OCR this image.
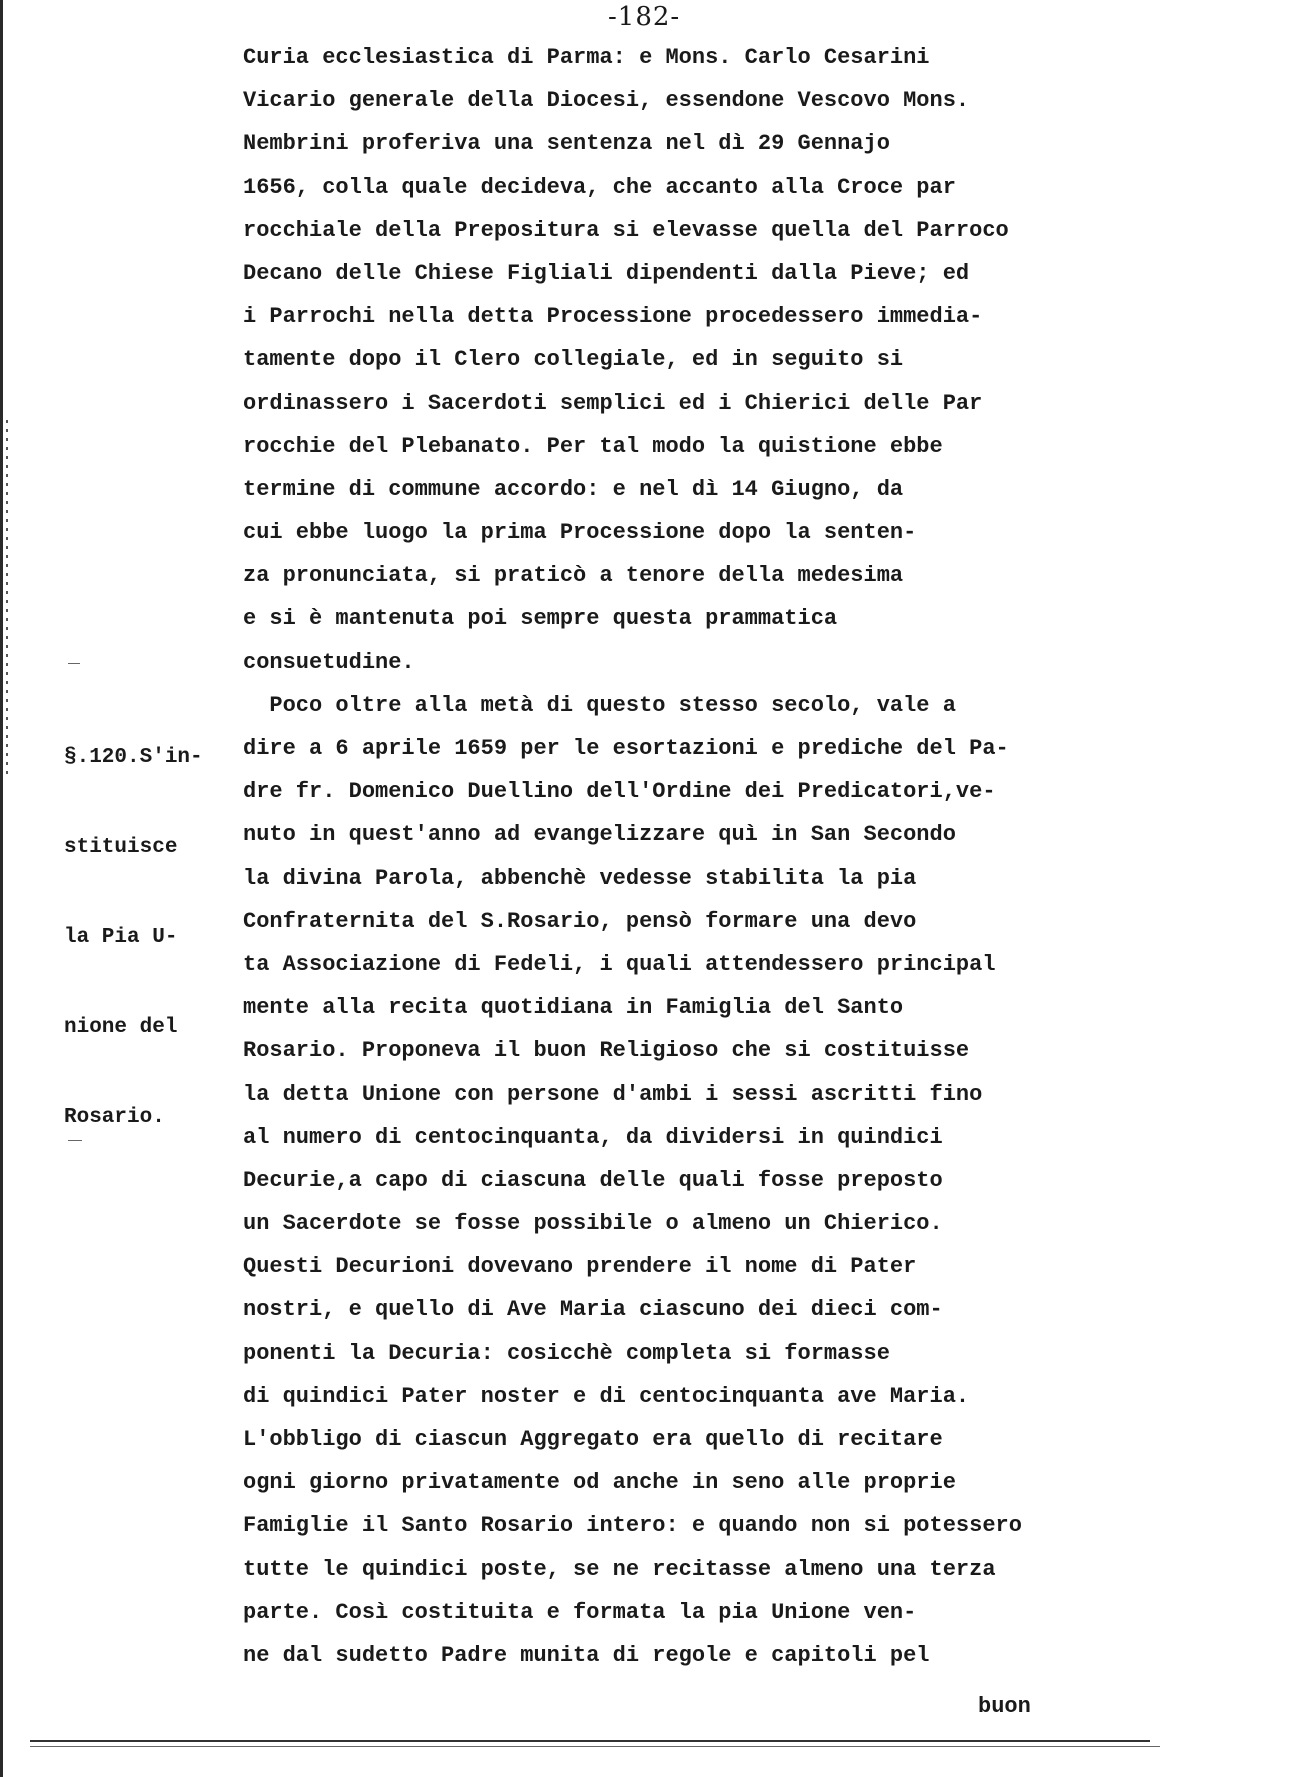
-182-

§.120.S'in-

stituisce

la Pia U-

nione del

Rosario.

Curia ecclesiastica di Parma: e Mons. Carlo Cesarini
Vicario generale della Diocesi, essendone Vescovo Mons.
Nembrini proferiva una sentenza nel dì 29 Gennajo
1656, colla quale decideva, che accanto alla Croce par
rocchiale della Prepositura si elevasse quella del Parroco
Decano delle Chiese Figliali dipendenti dalla Pieve; ed
i Parrochi nella detta Processione procedessero immedia-
tamente dopo il Clero collegiale, ed in seguito si
ordinassero i Sacerdoti semplici ed i Chierici delle Par
rocchie del Plebanato. Per tal modo la quistione ebbe
termine di commune accordo: e nel dì 14 Giugno, da
cui ebbe luogo la prima Processione dopo la senten-
za pronunciata, si praticò a tenore della medesima
e si è mantenuta poi sempre questa prammatica
consuetudine.
Poco oltre alla metà di questo stesso secolo, vale a
dire a 6 aprile 1659 per le esortazioni e prediche del Pa-
dre fr. Domenico Duellino dell'Ordine dei Predicatori,ve-
nuto in quest'anno ad evangelizzare quì in San Secondo
la divina Parola, abbenchè vedesse stabilita la pia
Confraternita del S.Rosario, pensò formare una devo
ta Associazione di Fedeli, i quali attendessero principal
mente alla recita quotidiana in Famiglia del Santo
Rosario. Proponeva il buon Religioso che si costituisse
la detta Unione con persone d'ambi i sessi ascritti fino
al numero di centocinquanta, da dividersi in quindici
Decurie,a capo di ciascuna delle quali fosse preposto
un Sacerdote se fosse possibile o almeno un Chierico.
Questi Decurioni dovevano prendere il nome di Pater
nostri, e quello di Ave Maria ciascuno dei dieci com-
ponenti la Decuria: cosicchè completa si formasse
di quindici Pater noster e di centocinquanta ave Maria.
L'obbligo di ciascun Aggregato era quello di recitare
ogni giorno privatamente od anche in seno alle proprie
Famiglie il Santo Rosario intero: e quando non si potessero
tutte le quindici poste, se ne recitasse almeno una terza
parte. Così costituita e formata la pia Unione ven-
ne dal sudetto Padre munita di regole e capitoli pel
buon
